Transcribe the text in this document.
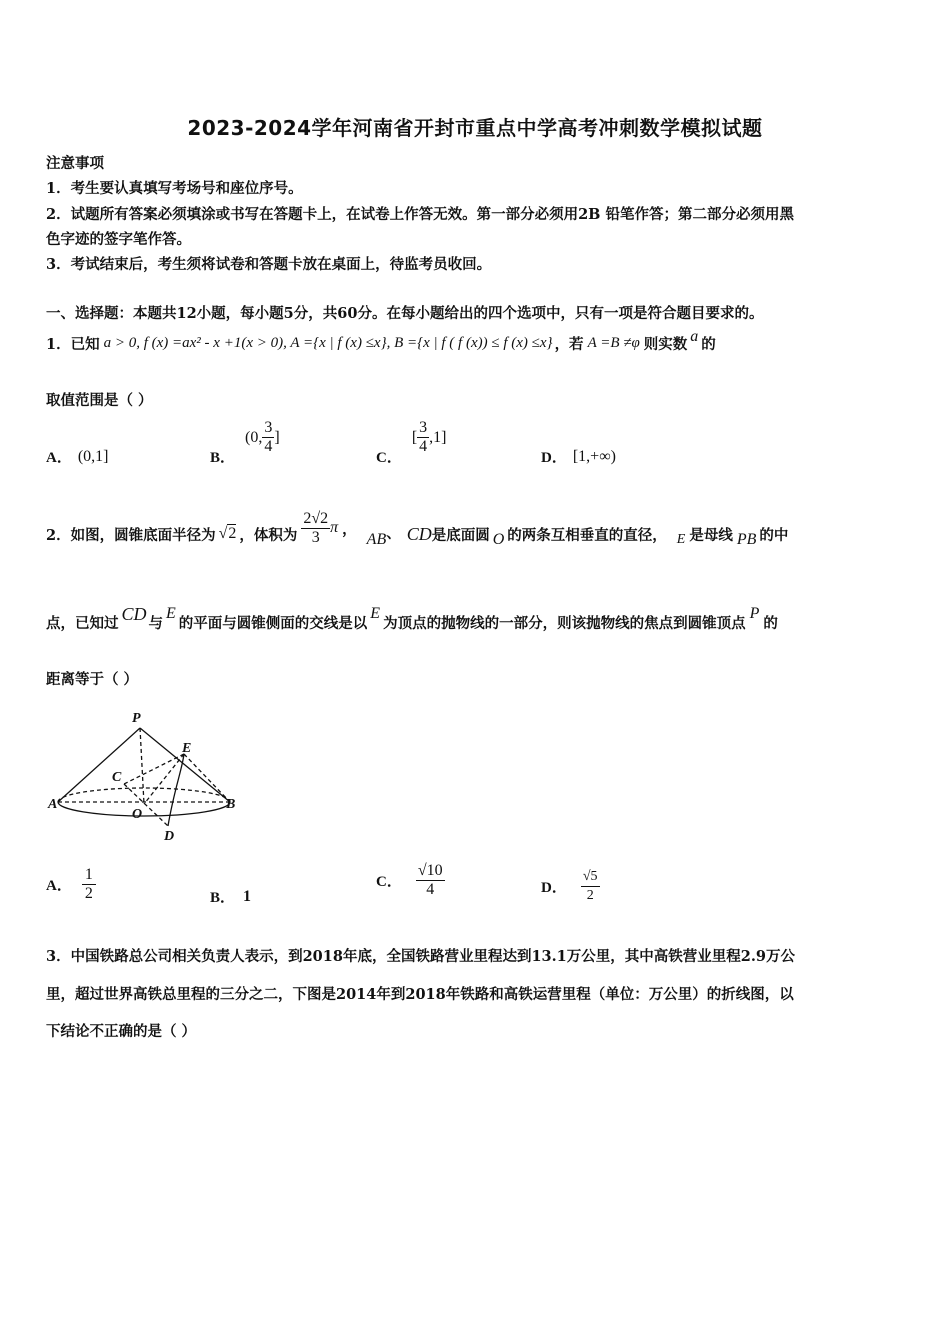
2023-2024学年河南省开封市重点中学高考冲刺数学模拟试题
注意事项
1．考生要认真填写考场号和座位序号。
2．试题所有答案必须填涂或书写在答题卡上，在试卷上作答无效。第一部分必须用2B 铅笔作答；第二部分必须用黑
色字迹的签字笔作答。
3．考试结束后，考生须将试卷和答题卡放在桌面上，待监考员收回。
一、选择题：本题共12小题，每小题5分，共60分。在每小题给出的四个选项中，只有一项是符合题目要求的。
1．已知 a > 0, f (x) =ax² - x +1(x > 0), A ={x | f (x) ≤x}, B ={x | f ( f (x)) ≤ f (x) ≤x} ，若 A =B ≠φ 则实数 a 的
取值范围是（ ）
A． (0,1]	B．
(0, $\frac{3}{4}$ ]
C．
[ $\frac{3}{4} ,1$]
D． [1,+∞)
2．如图，圆锥底面半径为 √2 ，体积为 $\frac{2√2}{3}$ π ，
AB 、 CD 是底面圆 O 的两条互相垂直的直径， E 是母线 PB 的中
点，已知过 CD 与
E
的平面与圆锥侧面的交线是以
E
为顶点的抛物线的一部分，则该抛物线的焦点到圆锥顶点
P
的
距离等于（ ）
P
E
C
A	B
O
D
A． $\frac{1}{2}$	B． 1
C． $\frac{√10}{4}$	D． $\frac{√5}{2}$
3．中国铁路总公司相关负责人表示，到2018年底，全国铁路营业里程达到13.1万公里，其中高铁营业里程2.9万公
里，超过世界高铁总里程的三分之二，下图是2014年到2018年铁路和高铁运营里程（单位：万公里）的折线图，以
下结论不正确的是（ ）
